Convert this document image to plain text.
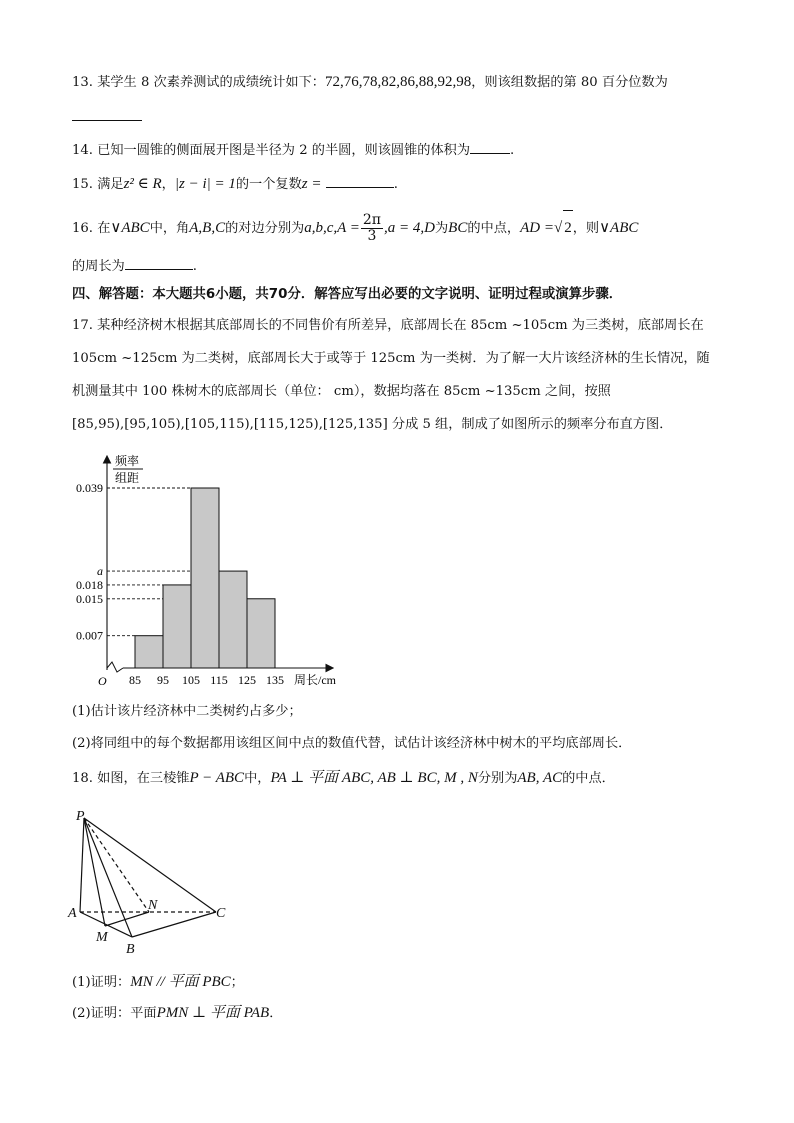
13. 某学生 8 次素养测试的成绩统计如下：72,76,78,82,86,88,92,98，则该组数据的第 80 百分位数为
14. 已知一圆锥的侧面展开图是半径为 2 的半圆，则该圆锥的体积为	.
15. 满足z² ∈ R，|z − i| = 1的一个复数z =	.
16. 在∨ABC中，角A,B,C的对边分别为$a,b,c,A = \frac{2\pi}{3} ,a = 4,D$为BC的中点，AD =√ 2，则∨ABC
的周长为	.
四、解答题：本大题共6小题，共70分．解答应写出必要的文字说明、证明过程或演算步骤．
17. 某种经济树木根据其底部周长的不同售价有所差异，底部周长在 85cm ~105cm 为三类树，底部周长在
105cm ~125cm 为二类树，底部周长大于或等于 125cm 为一类树．为了解一大片该经济林的生长情况，随
机测量其中 100 株树木的底部周长（单位： cm），数据均落在 85cm ~135cm 之间，按照
[85,95),[95,105),[105,115),[115,125),[125,135] 分成 5 组，制成了如图所示的频率分布直方图．
0.039
a
0.018
0.015
0.007
85 95 105 115 125 135
O	周长/cm
频率
组距
(1)估计该片经济林中二类树约占多少；
(2)将同组中的每个数据都用该组区间中点的数值代替，试估计该经济林中树木的平均底部周长．
18. 如图，在三棱锥P − ABC中，PA ⊥ 平面 ABC, AB ⊥ BC, M , N分别为AB, AC的中点．
P
A
B
C
M
N
(1)证明：MN // 平面 PBC；
(2)证明：平面PMN ⊥ 平面 PAB．
